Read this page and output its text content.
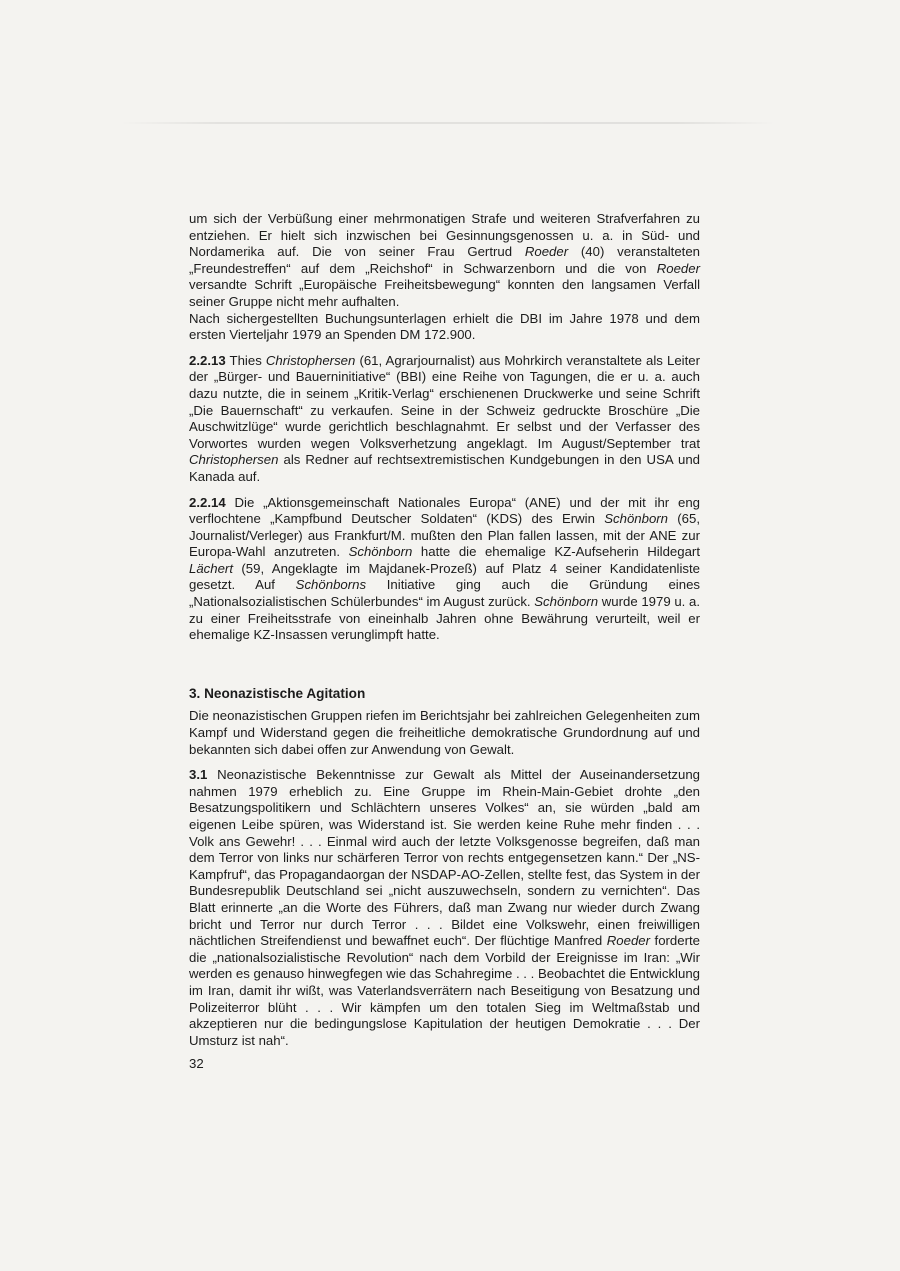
um sich der Verbüßung einer mehrmonatigen Strafe und weiteren Strafverfahren zu entziehen. Er hielt sich inzwischen bei Gesinnungsgenossen u. a. in Süd- und Nordamerika auf. Die von seiner Frau Gertrud Roeder (40) veranstalteten „Freundestreffen“ auf dem „Reichshof“ in Schwarzenborn und die von Roeder versandte Schrift „Europäische Freiheitsbewegung“ konnten den langsamen Verfall seiner Gruppe nicht mehr aufhalten.

Nach sichergestellten Buchungsunterlagen erhielt die DBI im Jahre 1978 und dem ersten Vierteljahr 1979 an Spenden DM 172.900.

2.2.13 Thies Christophersen (61, Agrarjournalist) aus Mohrkirch veranstaltete als Leiter der „Bürger- und Bauerninitiative“ (BBI) eine Reihe von Tagungen, die er u. a. auch dazu nutzte, die in seinem „Kritik-Verlag“ erschienenen Druckwerke und seine Schrift „Die Bauernschaft“ zu verkaufen. Seine in der Schweiz gedruckte Broschüre „Die Auschwitzlüge“ wurde gerichtlich beschlagnahmt. Er selbst und der Verfasser des Vorwortes wurden wegen Volksverhetzung angeklagt. Im August/September trat Christophersen als Redner auf rechtsextremistischen Kundgebungen in den USA und Kanada auf.

2.2.14 Die „Aktionsgemeinschaft Nationales Europa“ (ANE) und der mit ihr eng verflochtene „Kampfbund Deutscher Soldaten“ (KDS) des Erwin Schönborn (65, Journalist/Verleger) aus Frankfurt/M. mußten den Plan fallen lassen, mit der ANE zur Europa-Wahl anzutreten. Schönborn hatte die ehemalige KZ-Aufseherin Hildegart Lächert (59, Angeklagte im Majdanek-Prozeß) auf Platz 4 seiner Kandidatenliste gesetzt. Auf Schönborns Initiative ging auch die Gründung eines „Nationalsozialistischen Schülerbundes“ im August zurück. Schönborn wurde 1979 u. a. zu einer Freiheitsstrafe von eineinhalb Jahren ohne Bewährung verurteilt, weil er ehemalige KZ-Insassen verunglimpft hatte.

3. Neonazistische Agitation

Die neonazistischen Gruppen riefen im Berichtsjahr bei zahlreichen Gelegenheiten zum Kampf und Widerstand gegen die freiheitliche demokratische Grundordnung auf und bekannten sich dabei offen zur Anwendung von Gewalt.

3.1 Neonazistische Bekenntnisse zur Gewalt als Mittel der Auseinandersetzung nahmen 1979 erheblich zu. Eine Gruppe im Rhein-Main-Gebiet drohte „den Besatzungspolitikern und Schlächtern unseres Volkes“ an, sie würden „bald am eigenen Leibe spüren, was Widerstand ist. Sie werden keine Ruhe mehr finden . . . Volk ans Gewehr! . . . Einmal wird auch der letzte Volksgenosse begreifen, daß man dem Terror von links nur schärferen Terror von rechts entgegensetzen kann.“ Der „NS-Kampfruf“, das Propagandaorgan der NSDAP-AO-Zellen, stellte fest, das System in der Bundesrepublik Deutschland sei „nicht auszuwechseln, sondern zu vernichten“. Das Blatt erinnerte „an die Worte des Führers, daß man Zwang nur wieder durch Zwang bricht und Terror nur durch Terror . . . Bildet eine Volkswehr, einen freiwilligen nächtlichen Streifendienst und bewaffnet euch“. Der flüchtige Manfred Roeder forderte die „nationalsozialistische Revolution“ nach dem Vorbild der Ereignisse im Iran: „Wir werden es genauso hinwegfegen wie das Schahregime . . . Beobachtet die Entwicklung im Iran, damit ihr wißt, was Vaterlandsverrätern nach Beseitigung von Besatzung und Polizeiterror blüht . . . Wir kämpfen um den totalen Sieg im Weltmaßstab und akzeptieren nur die bedingungslose Kapitulation der heutigen Demokratie . . . Der Umsturz ist nah“.

32
